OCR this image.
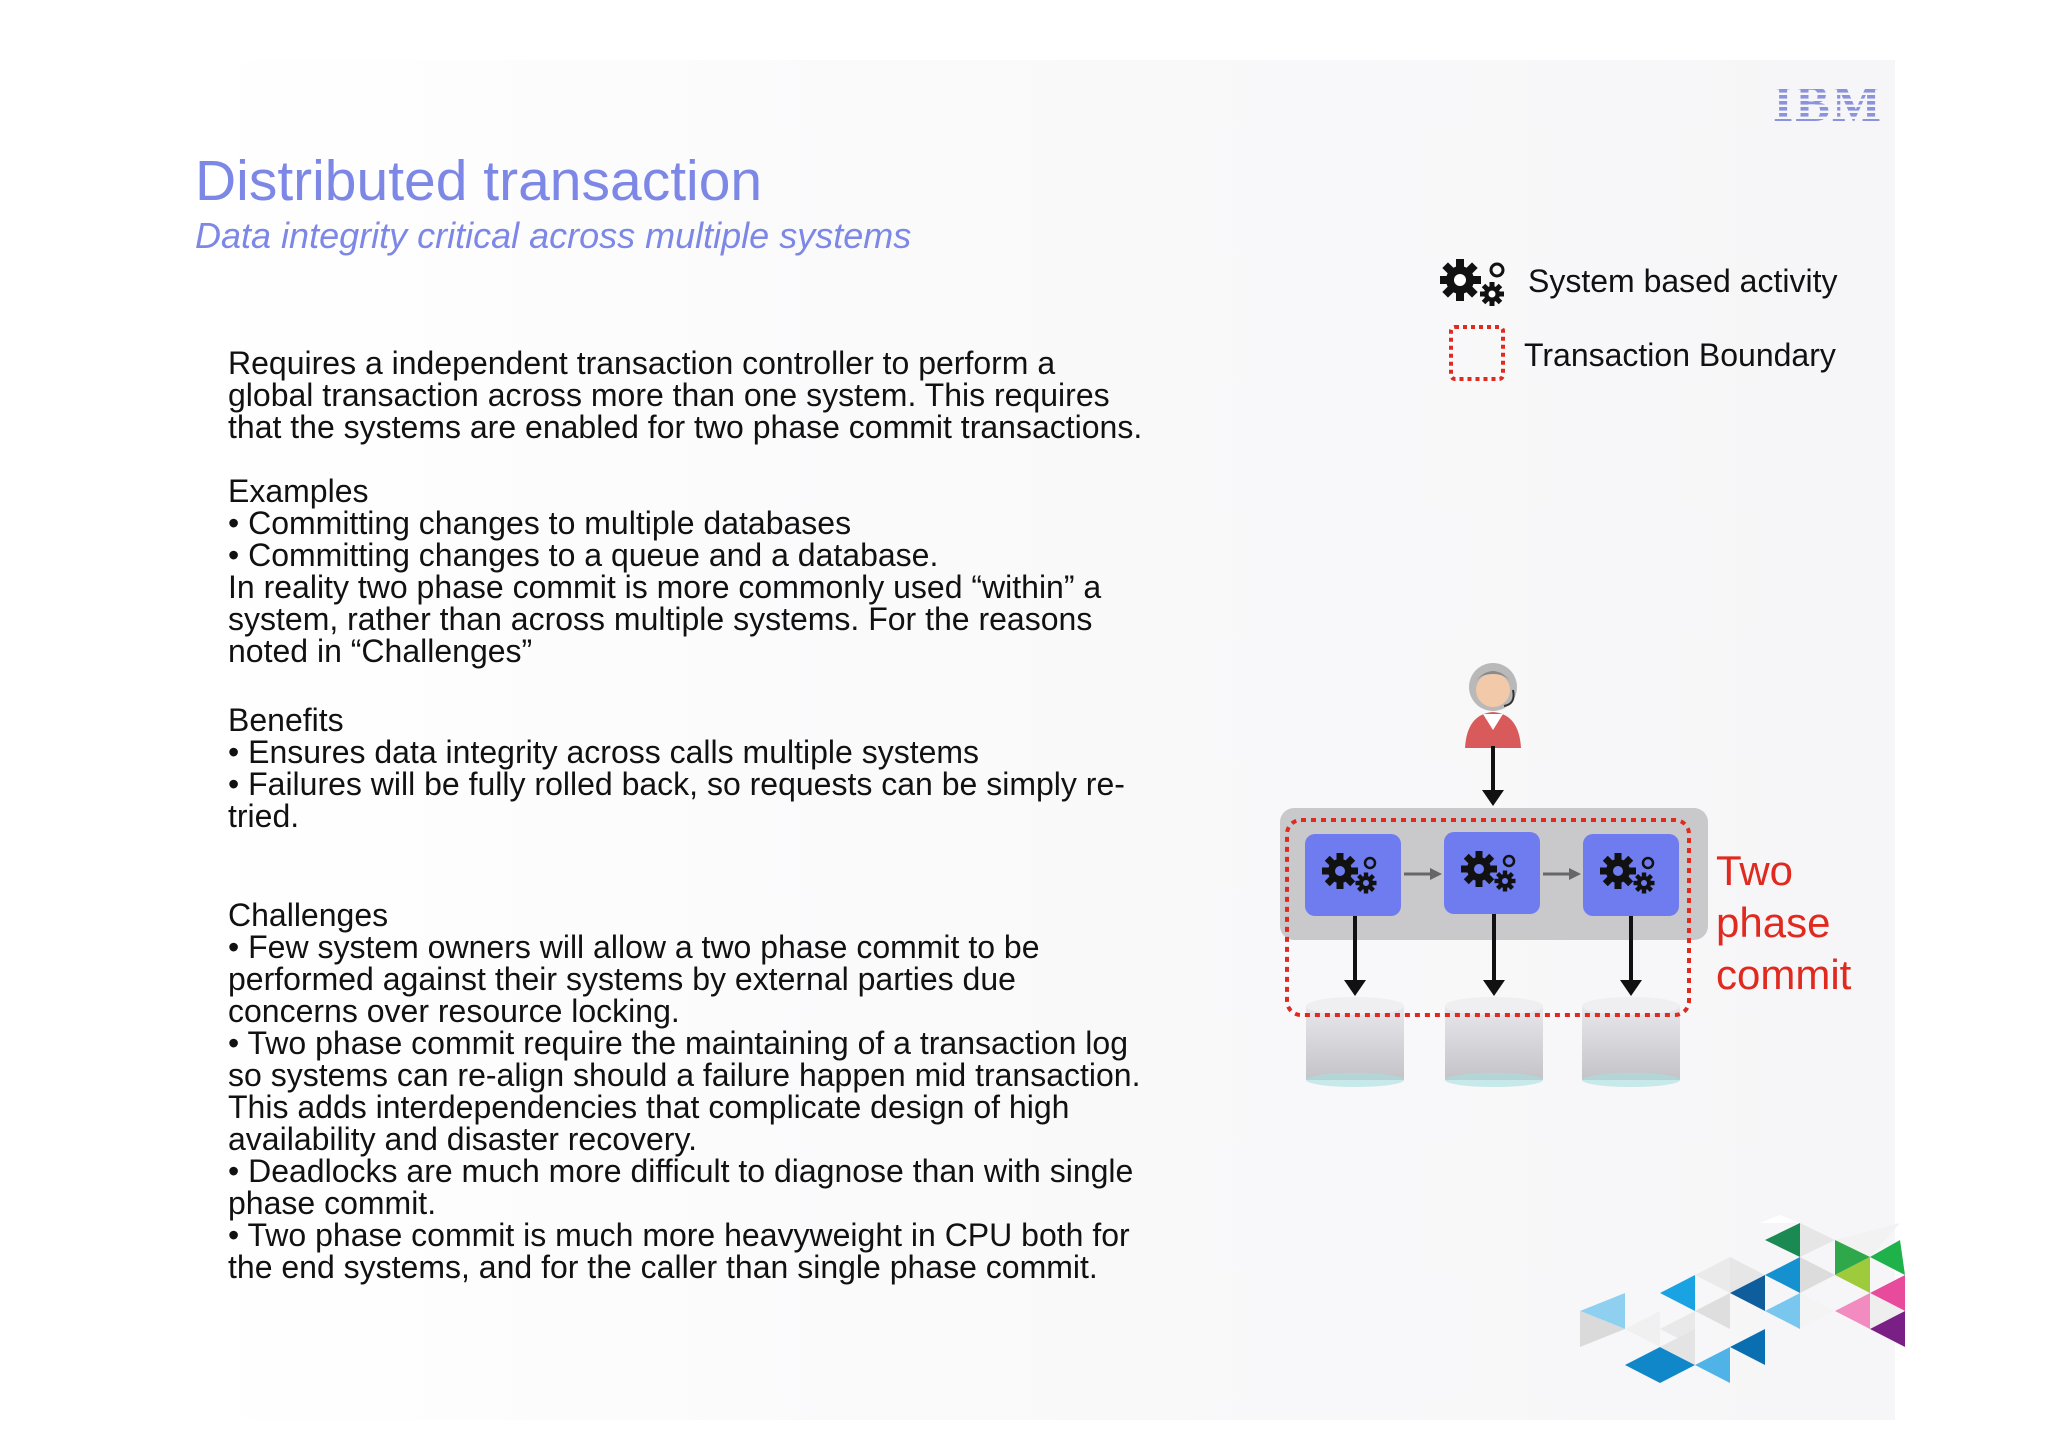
IBM
Distributed transaction
Data integrity critical across multiple systems
System based activity
Transaction Boundary
Requires a independent transaction controller to perform a
global transaction across more than one system. This requires
that the systems are enabled for two phase commit transactions.
Examples
• Committing changes to multiple databases
• Committing changes to a queue and a database.
In reality two phase commit is more commonly used “within” a
system, rather than across multiple systems. For the reasons
noted in “Challenges”
Benefits
• Ensures data integrity across calls multiple systems
• Failures will be fully rolled back, so requests can be simply re-
tried.
Challenges
• Few system owners will allow a two phase commit to be
performed against their systems by external parties due
concerns over resource locking.
• Two phase commit require the maintaining of a transaction log
so systems can re-align should a failure happen mid transaction.
This adds interdependencies that complicate design of high
availability and disaster recovery.
• Deadlocks are much more difficult to diagnose than with single
phase commit.
• Two phase commit is much more heavyweight in CPU both for
the end systems, and for the caller than single phase commit.
Two
phase
commit
